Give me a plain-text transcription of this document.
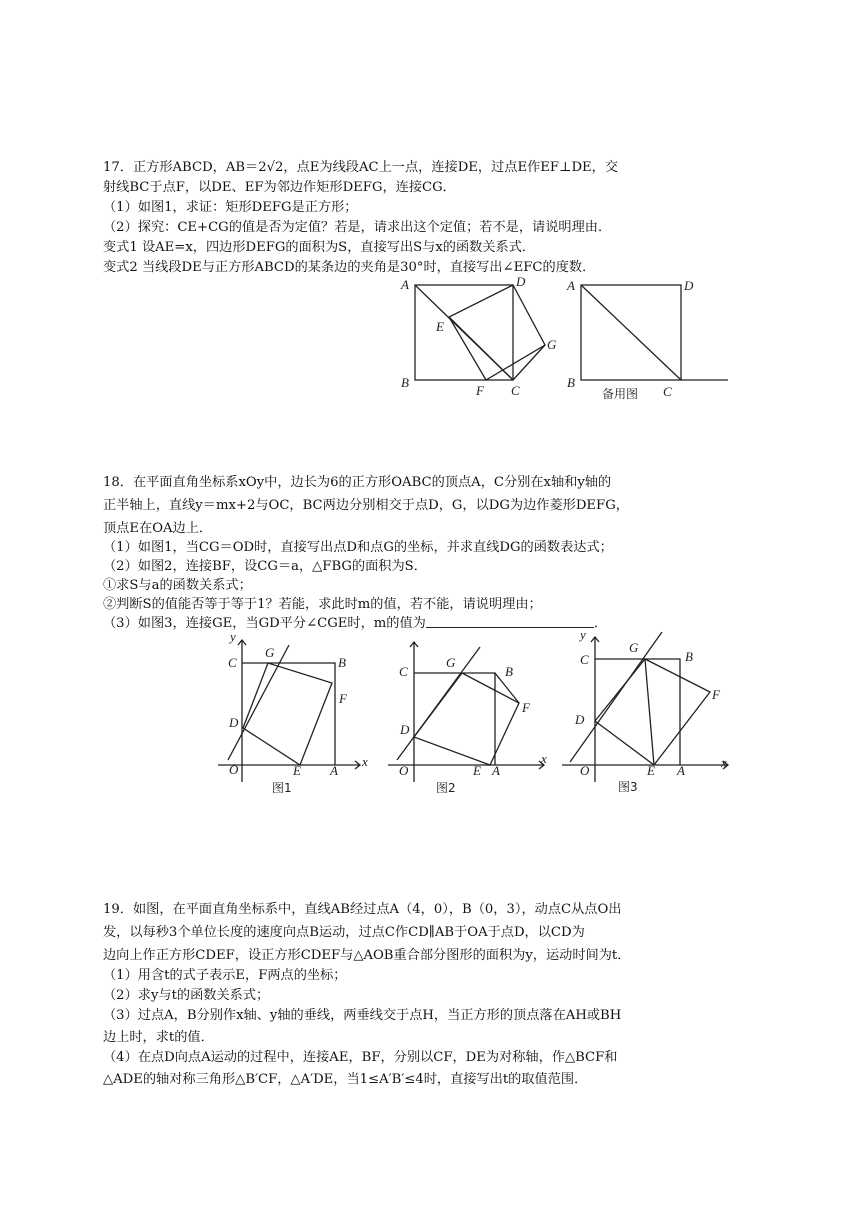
17．正方形ABCD，AB＝2√2，点E为线段AC上一点，连接DE，过点E作EF⊥DE，交
射线BC于点F，以DE、EF为邻边作矩形DEFG，连接CG．
（1）如图1，求证：矩形DEFG是正方形；
（2）探究：CE+CG的值是否为定值？若是，请求出这个定值；若不是，请说明理由．
变式1 设AE=x，四边形DEFG的面积为S，直接写出S与x的函数关系式．
变式2 当线段DE与正方形ABCD的某条边的夹角是30°时，直接写出∠EFC的度数．
A
B
C
D
E
F
G
A
B
C
D
备用图
18．在平面直角坐标系xOy中，边长为6的正方形OABC的顶点A，C分别在x轴和y轴的
正半轴上，直线y＝mx+2与OC，BC两边分别相交于点D，G，以DG为边作菱形DEFG，
顶点E在OA边上．
（1）如图1，当CG＝OD时，直接写出点D和点G的坐标，并求直线DG的函数表达式；
（2）如图2，连接BF，设CG＝a，△FBG的面积为S．
①求S与a的函数关系式；
②判断S的值能否等于等于1？若能，求此时m的值，若不能，请说明理由；
（3）如图3，连接GE，当GD平分∠CGE时，m的值为	．
y
x
O
C
G
B
F
D
E A
图1
C
G
B
F
D
O	E A
x
图2
y
C
G
B
F
D
O	E A
x
图3
19．如图，在平面直角坐标系中，直线AB经过点A（4，0），B（0，3），动点C从点O出
发，以每秒3个单位长度的速度向点B运动，过点C作CD∥AB于OA于点D，以CD为
边向上作正方形CDEF，设正方形CDEF与△AOB重合部分图形的面积为y，运动时间为t．
（1）用含t的式子表示E，F两点的坐标；
（2）求y与t的函数关系式；
（3）过点A，B分别作x轴、y轴的垂线，两垂线交于点H，当正方形的顶点落在AH或BH
边上时，求t的值．
（4）在点D向点A运动的过程中，连接AE，BF，分别以CF，DE为对称轴，作△BCF和
△ADE的轴对称三角形△B′CF，△A′DE，当1≤A′B′≤4时，直接写出t的取值范围．
